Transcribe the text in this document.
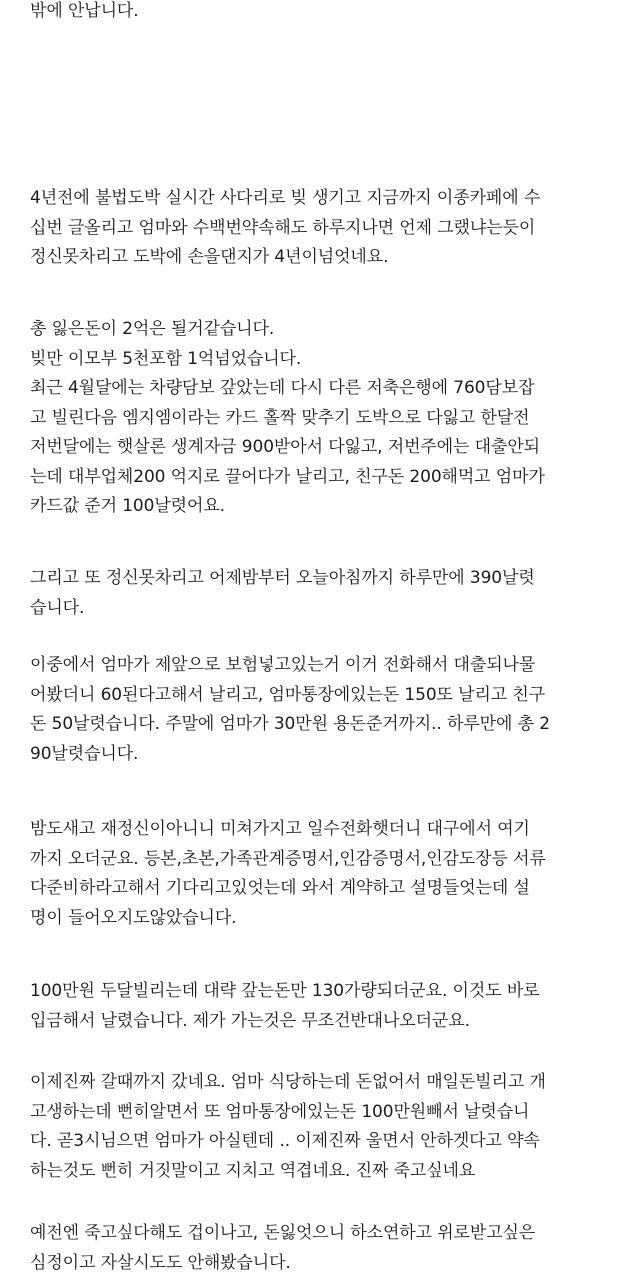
밖에 안납니다.
4년전에 불법도박 실시간 사다리로 빚 생기고 지금까지 이종카페에 수
십번 글올리고 엄마와 수백번약속해도 하루지나면 언제 그랬냐는듯이
정신못차리고 도박에 손을댄지가 4년이넘엇네요.
총 잃은돈이 2억은 될거같습니다.
빚만 이모부 5천포함 1억넘었습니다.
최근 4월달에는 차량담보 갚았는데 다시 다른 저축은행에 760담보잡
고 빌린다음 엠지엠이라는 카드 홀짝 맞추기 도박으로 다잃고 한달전
저번달에는 햇살론 생계자금 900받아서 다잃고, 저번주에는 대출안되
는데 대부업체200 억지로 끌어다가 날리고, 친구돈 200해먹고 엄마가
카드값 준거 100날렷어요.
그리고 또 정신못차리고 어제밤부터 오늘아침까지 하루만에 390날렷
습니다.
이중에서 엄마가 제앞으로 보험넣고있는거 이거 전화해서 대출되나물
어봤더니 60된다고해서 날리고, 엄마통장에있는돈 150또 날리고 친구
돈 50날렷습니다. 주말에 엄마가 30만원 용돈준거까지.. 하루만에 총 2
90날렷습니다.
밤도새고 재정신이아니니 미쳐가지고 일수전화햇더니 대구에서 여기
까지 오더군요. 등본,초본,가족관계증명서,인감증명서,인감도장등 서류
다준비하라고해서 기다리고있엇는데 와서 계약하고 설명들엇는데 설
명이 들어오지도않았습니다.
100만원 두달빌리는데 대략 갚는돈만 130가량되더군요. 이것도 바로
입금해서 날렸습니다. 제가 가는것은 무조건반대나오더군요.
이제진짜 갈때까지 갔네요. 엄마 식당하는데 돈없어서 매일돈빌리고 개
고생하는데 뻔히알면서 또 엄마통장에있는돈 100만원빼서 날렷습니
다. 곧3시님으면 엄마가 아실텐데 .. 이제진짜 울면서 안하겟다고 약속
하는것도 뻔히 거짓말이고 지치고 역겹네요. 진짜 죽고싶네요
예전엔 죽고싶다해도 겁이나고, 돈잃엇으니 하소연하고 위로받고싶은
심정이고 자살시도도 안해봤습니다.
